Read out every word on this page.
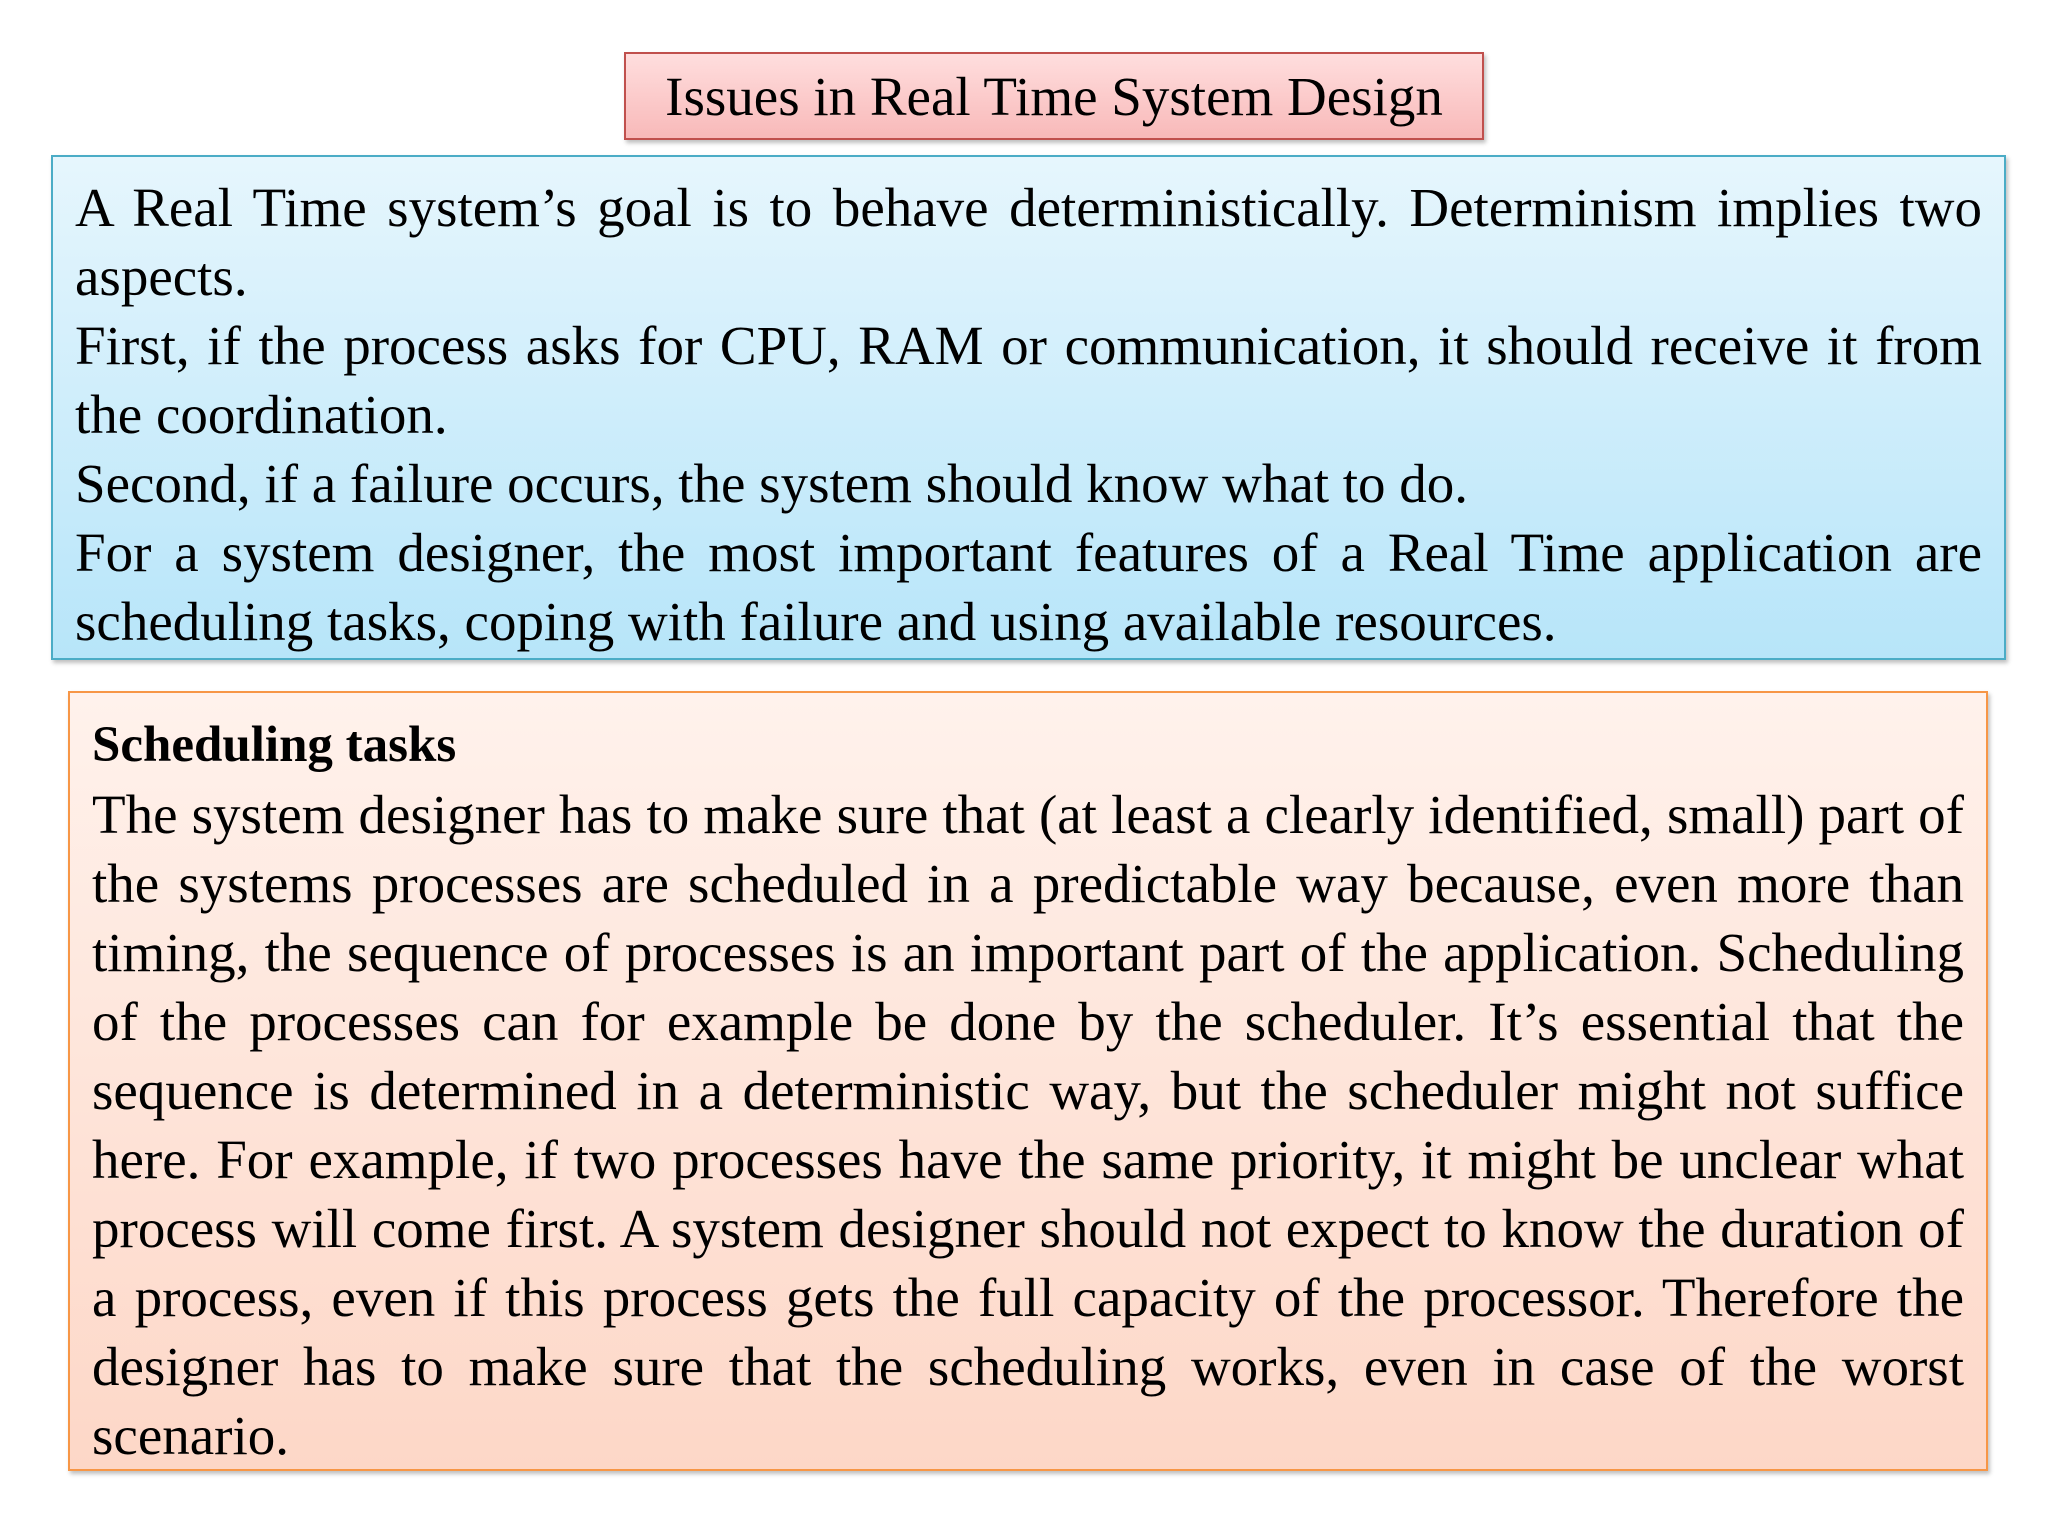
Issues in Real Time System Design

A Real Time system’s goal is to behave deterministically. Determinism implies two aspects.

First, if the process asks for CPU, RAM or communication, it should receive it from the coordination.

Second, if a failure occurs, the system should know what to do.

For a system designer, the most important features of a Real Time application are scheduling tasks, coping with failure and using available resources.

Scheduling tasks

The system designer has to make sure that (at least a clearly identified, small) part of the systems processes are scheduled in a predictable way because, even more than timing, the sequence of processes is an important part of the application. Scheduling of the processes can for example be done by the scheduler. It’s essential that the sequence is determined in a deterministic way, but the scheduler might not suffice here. For example, if two processes have the same priority, it might be unclear what process will come first. A system designer should not expect to know the duration of a process, even if this process gets the full capacity of the processor. Therefore the designer has to make sure that the scheduling works, even in case of the worst scenario.
